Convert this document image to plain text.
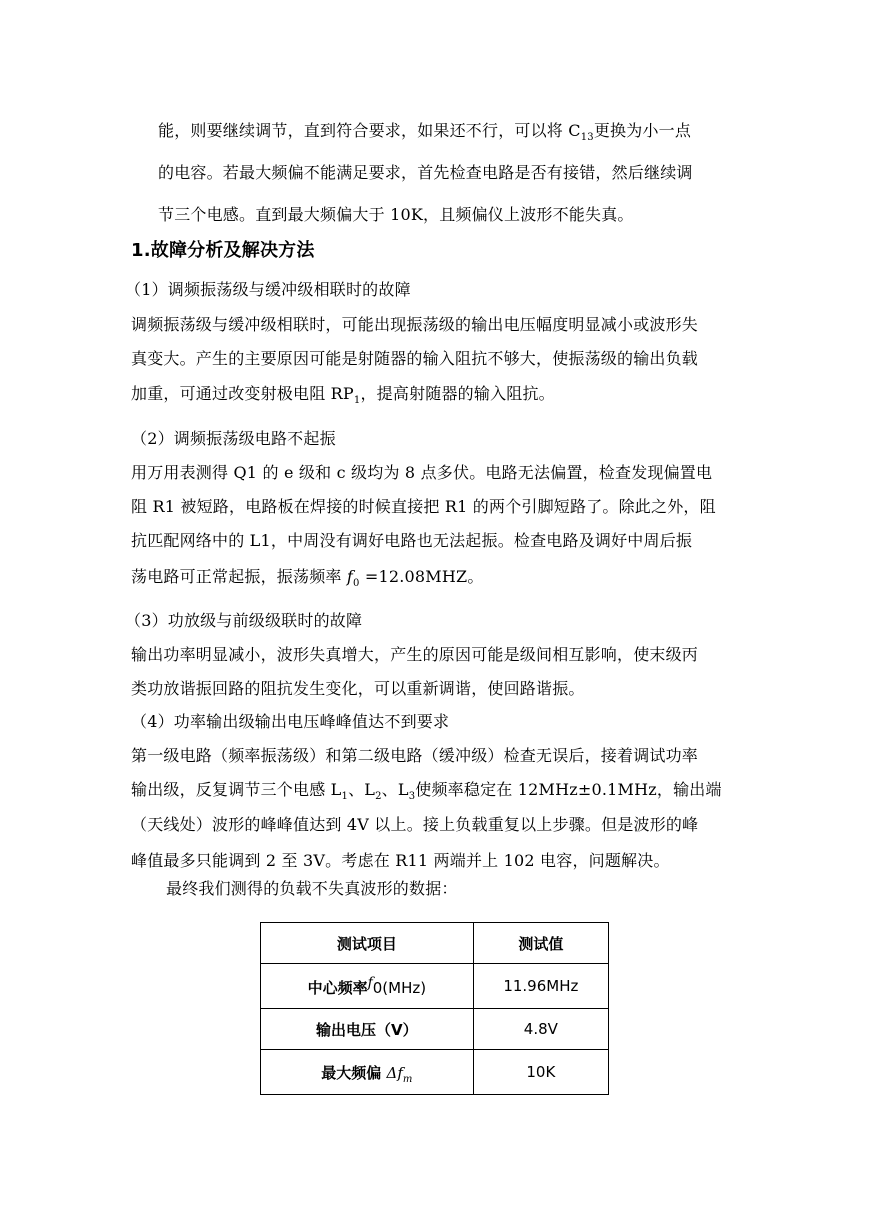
能，则要继续调节，直到符合要求，如果还不行，可以将 $C_{13}$更换为小一点
的电容。若最大频偏不能满足要求，首先检查电路是否有接错，然后继续调
节三个电感。直到最大频偏大于 10K，且频偏仪上波形不能失真。
1.故障分析及解决方法
（1）调频振荡级与缓冲级相联时的故障
调频振荡级与缓冲级相联时，可能出现振荡级的输出电压幅度明显减小或波形失
真变大。产生的主要原因可能是射随器的输入阻抗不够大，使振荡级的输出负载
加重，可通过改变射极电阻 $RP_1$，提高射随器的输入阻抗。
（2）调频振荡级电路不起振
用万用表测得 Q1 的 e 级和 c 级均为 8 点多伏。电路无法偏置，检查发现偏置电
阻 R1 被短路，电路板在焊接的时候直接把 R1 的两个引脚短路了。除此之外，阻
抗匹配网络中的 L1，中周没有调好电路也无法起振。检查电路及调好中周后振
荡电路可正常起振，振荡频率 $f_0 =12.08MHZ$。
（3）功放级与前级级联时的故障
输出功率明显减小，波形失真增大，产生的原因可能是级间相互影响，使末级丙
类功放谐振回路的阻抗发生变化，可以重新调谐，使回路谐振。
（4）功率输出级输出电压峰峰值达不到要求
第一级电路（频率振荡级）和第二级电路（缓冲级）检查无误后，接着调试功率
输出级，反复调节三个电感 $L_1$、$L_2$、$L_3$使频率稳定在 12MHz±0.1MHz，输出端
（天线处）波形的峰峰值达到 4V 以上。接上负载重复以上步骤。但是波形的峰
峰值最多只能调到 2 至 3V。考虑在 R11 两端并上 102 电容，问题解决。
最终我们测得的负载不失真波形的数据：
测试项目	测试值
中心频率$^f$0(MHz)	11.96MHz
输出电压（V）	4.8V
最大频偏 $\Delta f_m$	10K
